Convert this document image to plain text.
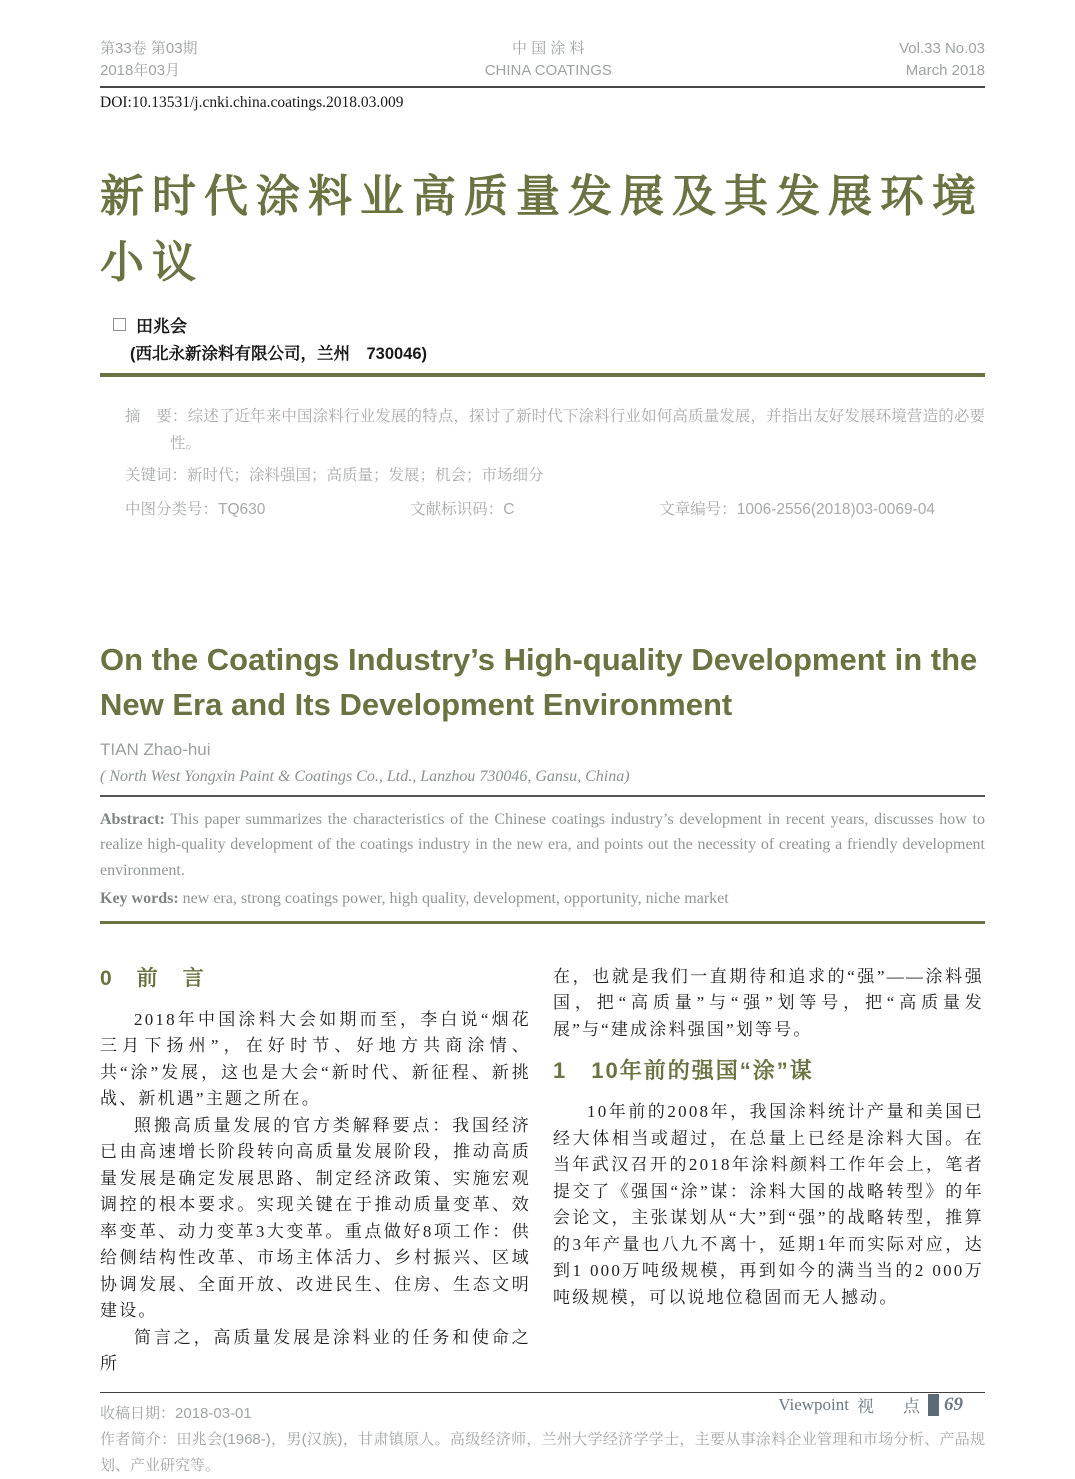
第33卷 第03期
2018年03月
中 国 涂 料
CHINA COATINGS
Vol.33 No.03
March 2018
DOI:10.13531/j.cnki.china.coatings.2018.03.009
新时代涂料业高质量发展及其发展环境小议
田兆会
(西北永新涂料有限公司，兰州　730046)

摘　要：综述了近年来中国涂料行业发展的特点，探讨了新时代下涂料行业如何高质量发展，并指出友好发展环境营造的必要性。

关键词：新时代；涂料强国；高质量；发展；机会；市场细分

中图分类号：TQ630	文献标识码：C	文章编号：1006-2556(2018)03-0069-04
On the Coatings Industry’s High-quality Development in the New Era and Its Development Environment
TIAN Zhao-hui
( North West Yongxin Paint & Coatings Co., Ltd., Lanzhou 730046, Gansu, China)

Abstract: This paper summarizes the characteristics of the Chinese coatings industry’s development in recent years, discusses how to realize high-quality development of the coatings industry in the new era, and points out the necessity of creating a friendly development environment.

Key words: new era, strong coatings power, high quality, development, opportunity, niche market

0　前　言

2018年中国涂料大会如期而至，李白说“烟花三月下扬州”，在好时节、好地方共商涂情、共“涂”发展，这也是大会“新时代、新征程、新挑战、新机遇”主题之所在。

照搬高质量发展的官方类解释要点：我国经济已由高速增长阶段转向高质量发展阶段，推动高质量发展是确定发展思路、制定经济政策、实施宏观调控的根本要求。实现关键在于推动质量变革、效率变革、动力变革3大变革。重点做好8项工作：供给侧结构性改革、市场主体活力、乡村振兴、区域协调发展、全面开放、改进民生、住房、生态文明建设。

简言之，高质量发展是涂料业的任务和使命之所

在，也就是我们一直期待和追求的“强”——涂料强国，把“高质量”与“强”划等号，把“高质量发展”与“建成涂料强国”划等号。

1　10年前的强国“涂”谋

10年前的2008年，我国涂料统计产量和美国已经大体相当或超过，在总量上已经是涂料大国。在当年武汉召开的2018年涂料颜料工作年会上，笔者提交了《强国“涂”谋：涂料大国的战略转型》的年会论文，主张谋划从“大”到“强”的战略转型，推算的3年产量也八九不离十，延期1年而实际对应，达到1 000万吨级规模，再到如今的满当当的2 000万吨级规模，可以说地位稳固而无人撼动。

收稿日期：2018-03-01

作者简介：田兆会(1968-)，男(汉族)，甘肃镇原人。高级经济师，兰州大学经济学学士，主要从事涂料企业管理和市场分析、产品规划、产业研究等。

Viewpoint 视　点 69
